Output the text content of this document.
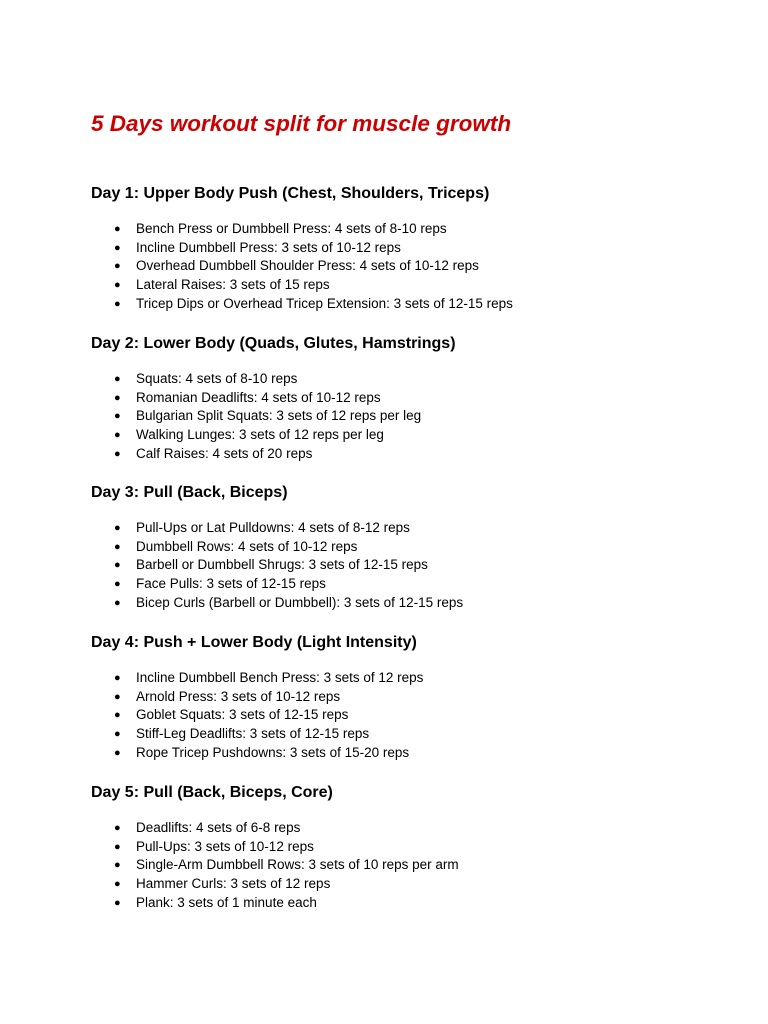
5 Days workout split for muscle growth
Day 1: Upper Body Push (Chest, Shoulders, Triceps)
● Bench Press or Dumbbell Press: 4 sets of 8-10 reps
● Incline Dumbbell Press: 3 sets of 10-12 reps
● Overhead Dumbbell Shoulder Press: 4 sets of 10-12 reps
● Lateral Raises: 3 sets of 15 reps
● Tricep Dips or Overhead Tricep Extension: 3 sets of 12-15 reps
Day 2: Lower Body (Quads, Glutes, Hamstrings)
● Squats: 4 sets of 8-10 reps
● Romanian Deadlifts: 4 sets of 10-12 reps
● Bulgarian Split Squats: 3 sets of 12 reps per leg
● Walking Lunges: 3 sets of 12 reps per leg
● Calf Raises: 4 sets of 20 reps
Day 3: Pull (Back, Biceps)
● Pull-Ups or Lat Pulldowns: 4 sets of 8-12 reps
● Dumbbell Rows: 4 sets of 10-12 reps
● Barbell or Dumbbell Shrugs: 3 sets of 12-15 reps
● Face Pulls: 3 sets of 12-15 reps
● Bicep Curls (Barbell or Dumbbell): 3 sets of 12-15 reps
Day 4: Push + Lower Body (Light Intensity)
● Incline Dumbbell Bench Press: 3 sets of 12 reps
● Arnold Press: 3 sets of 10-12 reps
● Goblet Squats: 3 sets of 12-15 reps
● Stiff-Leg Deadlifts: 3 sets of 12-15 reps
● Rope Tricep Pushdowns: 3 sets of 15-20 reps
Day 5: Pull (Back, Biceps, Core)
● Deadlifts: 4 sets of 6-8 reps
● Pull-Ups: 3 sets of 10-12 reps
● Single-Arm Dumbbell Rows: 3 sets of 10 reps per arm
● Hammer Curls: 3 sets of 12 reps
● Plank: 3 sets of 1 minute each
